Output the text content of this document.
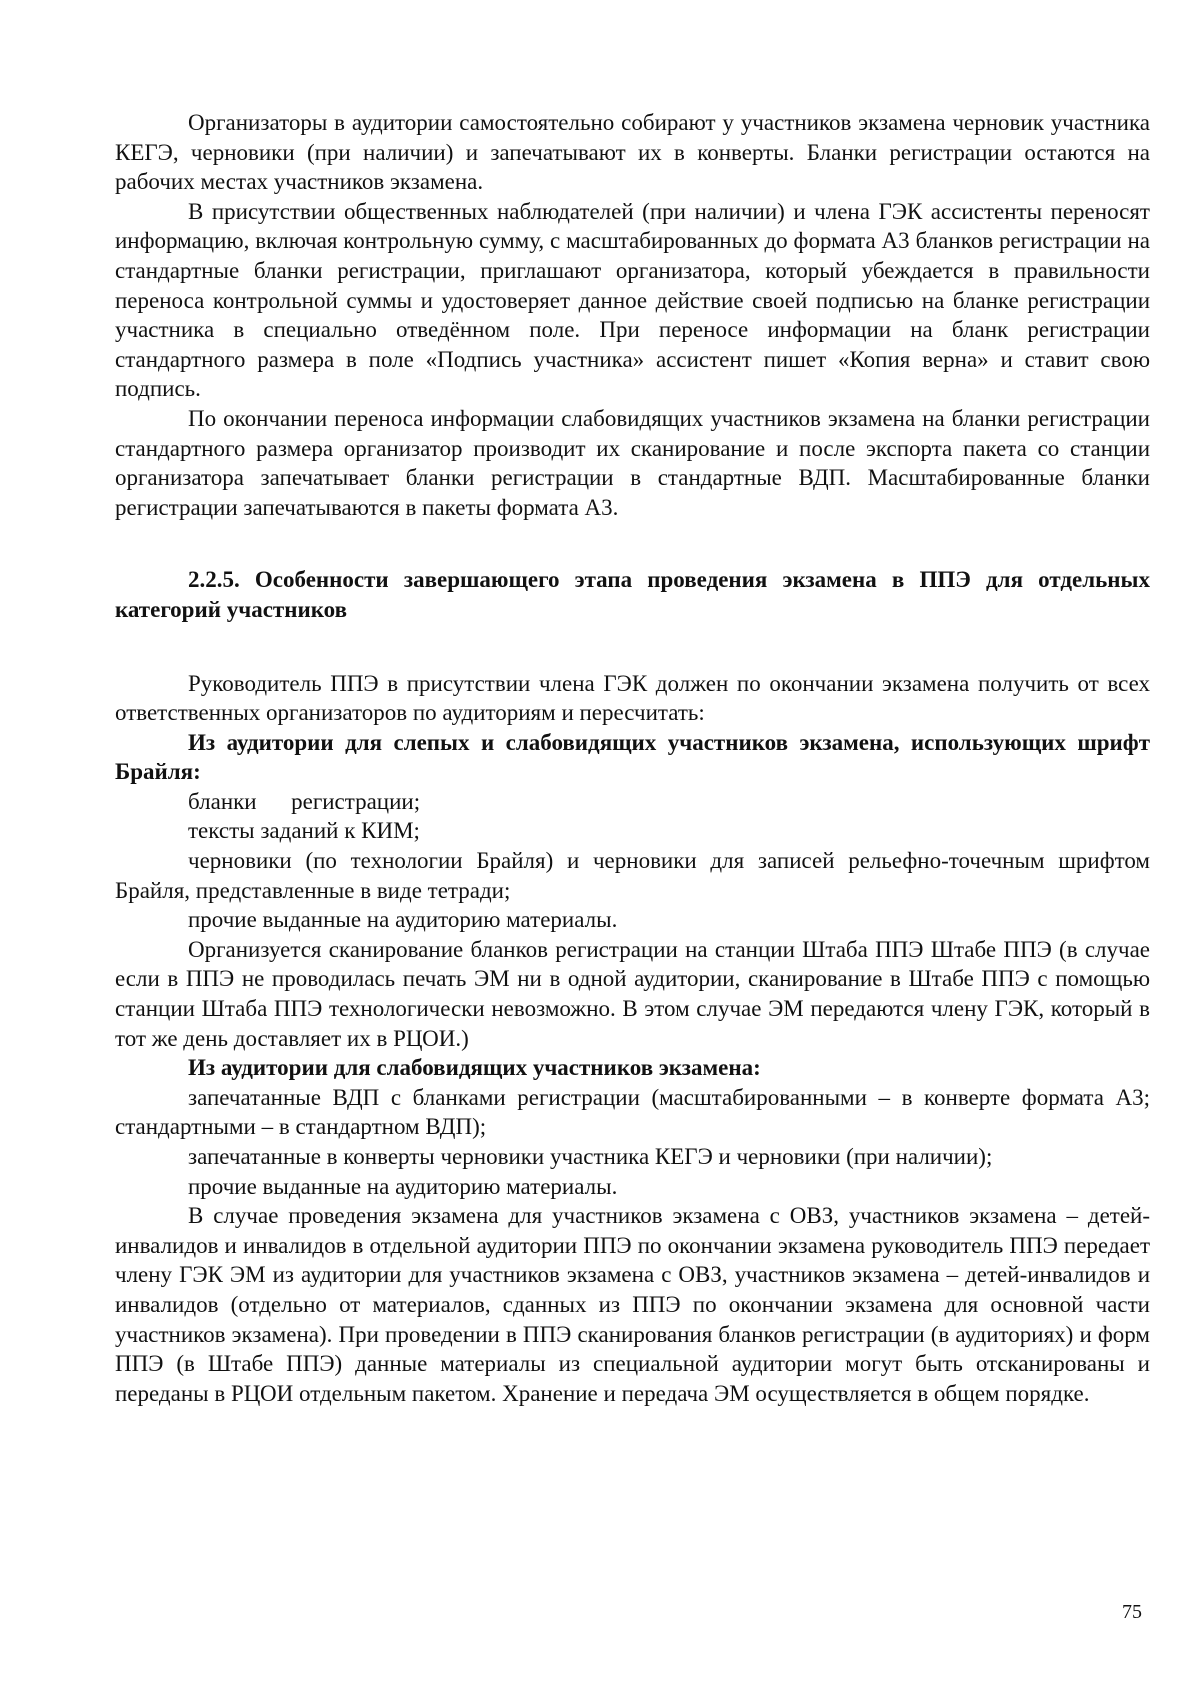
Организаторы в аудитории самостоятельно собирают у участников экзамена черновик участника КЕГЭ, черновики (при наличии) и запечатывают их в конверты. Бланки регистрации остаются на рабочих местах участников экзамена.

В присутствии общественных наблюдателей (при наличии) и члена ГЭК ассистенты переносят информацию, включая контрольную сумму, с масштабированных до формата А3 бланков регистрации на стандартные бланки регистрации, приглашают организатора, который убеждается в правильности переноса контрольной суммы и удостоверяет данное действие своей подписью на бланке регистрации участника в специально отведённом поле. При переносе информации на бланк регистрации стандартного размера в поле «Подпись участника» ассистент пишет «Копия верна» и ставит свою подпись.

По окончании переноса информации слабовидящих участников экзамена на бланки регистрации стандартного размера организатор производит их сканирование и после экспорта пакета со станции организатора запечатывает бланки регистрации в стандартные ВДП. Масштабированные бланки регистрации запечатываются в пакеты формата А3.

2.2.5. Особенности завершающего этапа проведения экзамена в ППЭ для отдельных категорий участников

Руководитель ППЭ в присутствии члена ГЭК должен по окончании экзамена получить от всех ответственных организаторов по аудиториям и пересчитать:

Из аудитории для слепых и слабовидящих участников экзамена, использующих шрифт Брайля:

бланки      регистрации;

тексты заданий к КИМ;

черновики (по технологии Брайля) и черновики для записей рельефно-точечным шрифтом Брайля, представленные в виде тетради;

прочие выданные на аудиторию материалы.

Организуется сканирование бланков регистрации на станции Штаба ППЭ Штабе ППЭ (в случае если в ППЭ не проводилась печать ЭМ ни в одной аудитории, сканирование в Штабе ППЭ с помощью станции Штаба ППЭ технологически невозможно. В этом случае ЭМ передаются члену ГЭК, который в тот же день доставляет их в РЦОИ.)

Из аудитории для слабовидящих участников экзамена:

запечатанные ВДП с бланками регистрации (масштабированными – в конверте формата А3; стандартными – в стандартном ВДП);

запечатанные в конверты черновики участника КЕГЭ и черновики (при наличии);

прочие выданные на аудиторию материалы.

В случае проведения экзамена для участников экзамена с ОВЗ, участников экзамена – детей-инвалидов и инвалидов в отдельной аудитории ППЭ по окончании экзамена руководитель ППЭ передает члену ГЭК ЭМ из аудитории для участников экзамена с ОВЗ, участников экзамена – детей-инвалидов и инвалидов (отдельно от материалов, сданных из ППЭ по окончании экзамена для основной части участников экзамена). При проведении в ППЭ сканирования бланков регистрации (в аудиториях) и форм ППЭ (в Штабе ППЭ) данные материалы из специальной аудитории могут быть отсканированы и переданы в РЦОИ отдельным пакетом. Хранение и передача ЭМ осуществляется в общем порядке.

75
